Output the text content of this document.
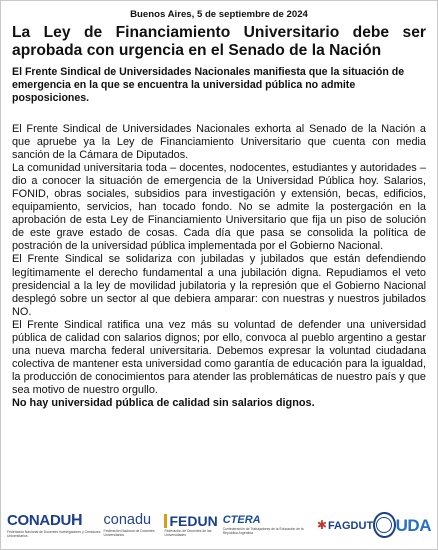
Buenos Aires, 5 de septiembre de 2024
La Ley de Financiamiento Universitario debe ser aprobada con urgencia en el Senado de la Nación
El Frente Sindical de Universidades Nacionales manifiesta que la situación de emergencia en la que se encuentra la universidad pública no admite posposiciones.

El Frente Sindical de Universidades Nacionales exhorta al Senado de la Nación a que apruebe ya la Ley de Financiamiento Universitario que cuenta con media sanción de la Cámara de Diputados.

La comunidad universitaria toda – docentes, nodocentes, estudiantes y autoridades – dio a conocer la situación de emergencia de la Universidad Pública hoy. Salarios, FONID, obras sociales, subsidios para investigación y extensión, becas, edificios, equipamiento, servicios, han tocado fondo. No se admite la postergación en la aprobación de esta Ley de Financiamiento Universitario que fija un piso de solución de este grave estado de cosas. Cada día que pasa se consolida la política de postración de la universidad pública implementada por el Gobierno Nacional.

El Frente Sindical se solidariza con jubiladas y jubilados que están defendiendo legítimamente el derecho fundamental a una jubilación digna. Repudiamos el veto presidencial a la ley de movilidad jubilatoria y la represión que el Gobierno Nacional desplegó sobre un sector al que debiera amparar: con nuestras y nuestros jubilados NO.

El Frente Sindical ratifica una vez más su voluntad de defender una universidad pública de calidad con salarios dignos; por ello, convoca al pueblo argentino a gestar una nueva marcha federal universitaria. Debemos expresar la voluntad ciudadana colectiva de mantener esta universidad como garantía de educación para la igualdad, la producción de conocimientos para atender las problemáticas de nuestro país y que sea motivo de nuestro orgullo.

No hay universidad pública de calidad sin salarios dignos.

CONADUH
Federación Nacional de Docentes Investigadores y Creadores Universitarios
conadu
Federación Nacional de Docentes Universitarios
FEDUN
Federación de Docentes de las Universidades
CTERA
Confederación de Trabajadores de la Educación de la República Argentina
✱FAGDUT UDA
